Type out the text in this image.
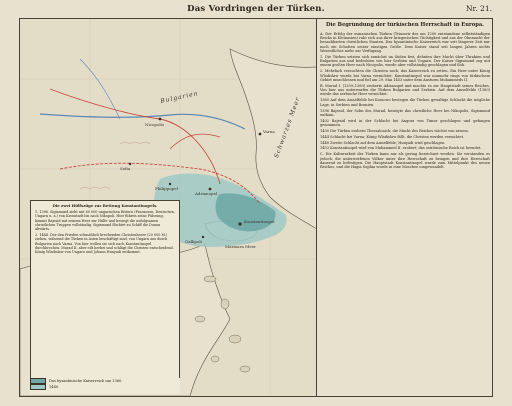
Das Vordringen der Türken.	Nr. 21.
Bulgarien	Schwarzes Meer
Marmara Meer
Nicopolis
Konstantinopel
Adrianopel
Gallipoli
Varna
Philippopel
Sofia
Die zwei Hülfszüge zur Rettung Konstantinopels.

1. 1396. Sigismund zieht mit 60 000 ungarischen Rittern (Franzosen, Deutschen, Ungarn u. a.) von Kronstadt bis nach Nikopoli. Hier führen seine Führung, kommt Bajesid mit seinem Heer zur Hülfe und besiegt die unfolgsamen christlichen Truppen vollständig. Sigismund flüchtet zu Schiff die Donau abwärts.

2. 1444. Der den Frieden schmählich brechenden Christenheere (20 000 M.) ziehen, während die Türken in Asien beschäftigt sind, von Ungarn aus durch Bulgarien nach Varna. Von hier wollen sie sich nach Konstantinopel durchbrechen. Murad II. aber eilt herbei und schlägt die Christen entscheidend. König Wladislaw von Ungarn und Johann Hunyadi entkommt.

Das byzantinische Kaiserreich um 1360.
1440.
Die Begründung der türkischen Herrschaft in Europa.

A. Der Erfolg der osmanischen Türken (Triumvir des um 1200 entstandene selbstständigen Reichs in Kleinasien) ruht sich aus ihrer kriegerischen Tüchtigkeit und aus der Ohnmacht der benachbarten christlichen Staaten. Das byzantinische Kaiserreich war seit längerer Zeit nur noch ein Schatten seiner einstigen Größe. Dem Kaiser stand seit langen Jahren nichts Wesentliches mehr zur Verfügung.

1. Die Türken setzten sich zunächst im Süden fest, dehnten ihre Macht über Thrakien und Bulgarien aus und bedrohten von hier Serbien und Ungarn. Der Kaiser Sigismund zog mit einem großen Heer nach Nicopolis, wurde aber vollständig geschlagen und floh.

2. Mehrfach versuchten die Christen noch, das Kaiserreich zu retten. Ein Heer unter König Wladislaw wurde bei Varna vernichtet. Konstantinopel war nunmehr rings von türkischem Gebiet umschlossen und fiel am 29. Mai 1453 unter dem Ansturm Muhammeds II.

B. Murad I. (1359–1389) eroberte Adrianopel und machte es zur Hauptstadt seines Reiches. Von hier aus unterwarfen die Türken Bulgarien und Serbien. Auf dem Amselfelde (1389) wurde das serbische Heer vernichtet.

1360 Auf dem Amselfelde bei Kossowo bestegen die Türken gewaltige Schlacht die mögliche Lage, in Serbien und Bosnien.

1396 Bajesid, der Sohn des Murad, besiegte das christliche Heer bei Nikopolis, Sigismund entkam.

1402 Bajesid wird in der Schlacht bei Angora von Timur geschlagen und gefangen genommen.

1430 Die Türken erobern Thessalonich; die Macht des Reiches wächst von neuem.

1444 Schlacht bei Varna; König Wladislaw fällt, die Christen werden vernichtet.

1448 Zweite Schlacht auf dem Amselfelde; Hunyadi wird geschlagen.

1453 Konstantinopel wird von Muhammed II. erobert; das oströmische Reich ist beendet.

C. Die Kulturarbeit der Türken kann nur als gering bezeichnet werden. Sie verstanden es jedoch, die unterworfenen Völker unter ihre Herrschaft zu bringen und ihre Herrschaft dauernd zu befestigen. Die Hauptstadt Konstantinopel wurde zum Mittelpunkt des neuen Reiches, und die Hagia Sophia wurde in eine Moschee umgewandelt.
